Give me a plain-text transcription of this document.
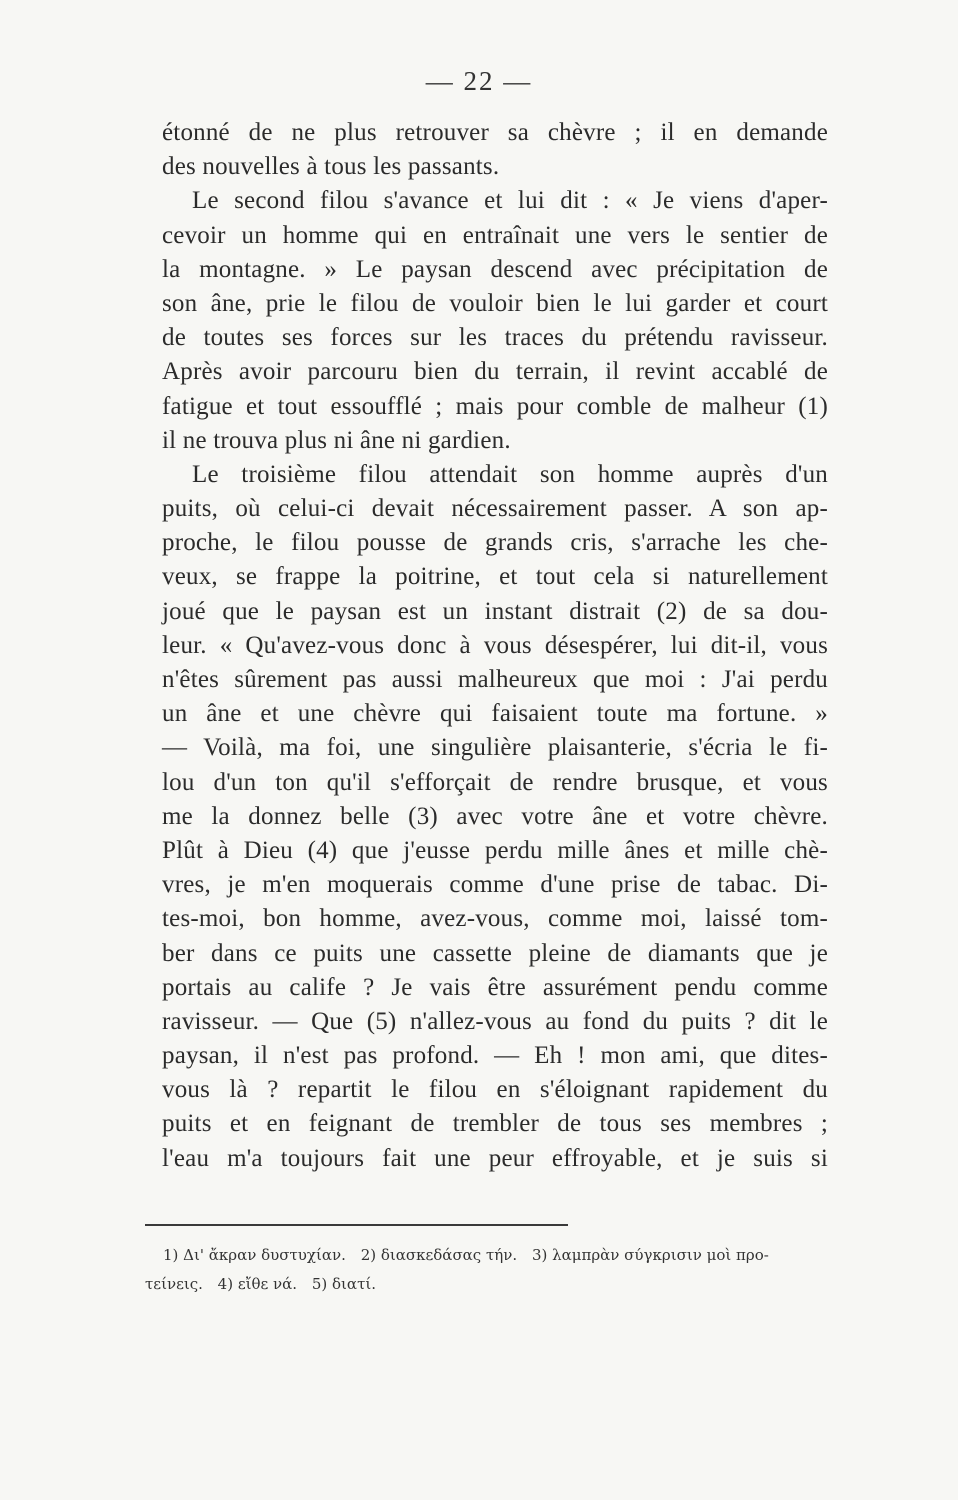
— 22 —
étonné de ne plus retrouver sa chèvre ; il en demande
des nouvelles à tous les passants.
Le second filou s'avance et lui dit : « Je viens d'aper-
cevoir un homme qui en entraînait une vers le sentier de
la montagne. » Le paysan descend avec précipitation de
son âne, prie le filou de vouloir bien le lui garder et court
de toutes ses forces sur les traces du prétendu ravisseur.
Après avoir parcouru bien du terrain, il revint accablé de
fatigue et tout essoufflé ; mais pour comble de malheur (1)
il ne trouva plus ni âne ni gardien.
Le troisième filou attendait son homme auprès d'un
puits, où celui-ci devait nécessairement passer. A son ap-
proche, le filou pousse de grands cris, s'arrache les che-
veux, se frappe la poitrine, et tout cela si naturellement
joué que le paysan est un instant distrait (2) de sa dou-
leur. « Qu'avez-vous donc à vous désespérer, lui dit-il, vous
n'êtes sûrement pas aussi malheureux que moi : J'ai perdu
un âne et une chèvre qui faisaient toute ma fortune. »
— Voilà, ma foi, une singulière plaisanterie, s'écria le fi-
lou d'un ton qu'il s'efforçait de rendre brusque, et vous
me la donnez belle (3) avec votre âne et votre chèvre.
Plût à Dieu (4) que j'eusse perdu mille ânes et mille chè-
vres, je m'en moquerais comme d'une prise de tabac. Di-
tes-moi, bon homme, avez-vous, comme moi, laissé tom-
ber dans ce puits une cassette pleine de diamants que je
portais au calife ? Je vais être assurément pendu comme
ravisseur. — Que (5) n'allez-vous au fond du puits ? dit le
paysan, il n'est pas profond. — Eh ! mon ami, que dites-
vous là ? repartit le filou en s'éloignant rapidement du
puits et en feignant de trembler de tous ses membres ;
l'eau m'a toujours fait une peur effroyable, et je suis si
1) Δι' ἄκραν δυστυχίαν. 2) διασκεδάσας τήν. 3) λαμπρὰν σύγκρισιν μοὶ προ-
τείνεις. 4) εἴθε νά. 5) διατί.
